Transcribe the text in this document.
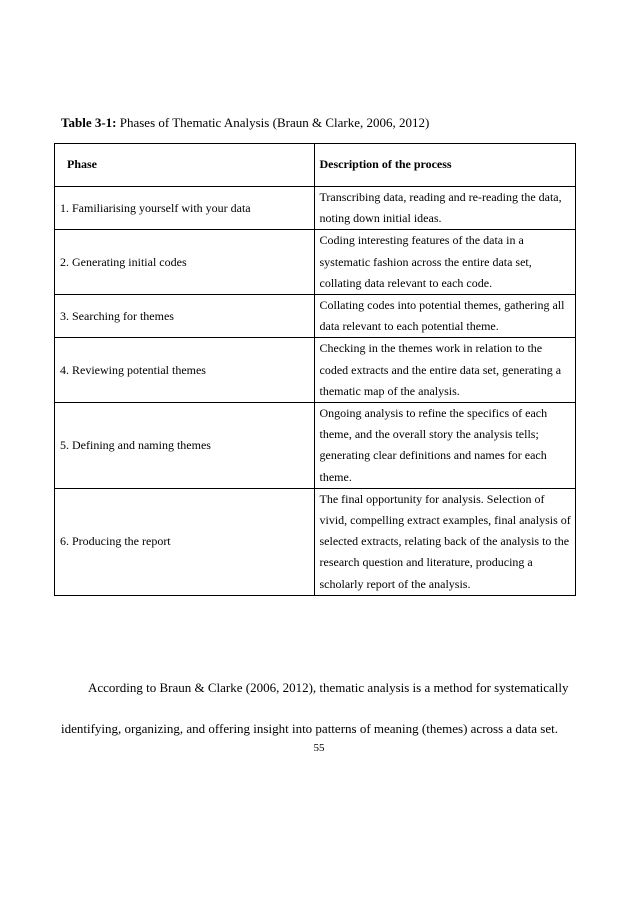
Table 3-1: Phases of Thematic Analysis (Braun & Clarke, 2006, 2012)
Phase	Description of the process
1. Familiarising yourself with your data	Transcribing data, reading and re-reading the data, noting down initial ideas.
2. Generating initial codes	Coding interesting features of the data in a systematic fashion across the entire data set, collating data relevant to each code.
3. Searching for themes	Collating codes into potential themes, gathering all data relevant to each potential theme.
4. Reviewing potential themes	Checking in the themes work in relation to the coded extracts and the entire data set, generating a thematic map of the analysis.
5. Defining and naming themes	Ongoing analysis to refine the specifics of each theme, and the overall story the analysis tells; generating clear definitions and names for each theme.
6. Producing the report	The final opportunity for analysis. Selection of vivid, compelling extract examples, final analysis of selected extracts, relating back of the analysis to the research question and literature, producing a scholarly report of the analysis.
According to Braun & Clarke (2006, 2012), thematic analysis is a method for systematically
identifying, organizing, and offering insight into patterns of meaning (themes) across a data set.
55
